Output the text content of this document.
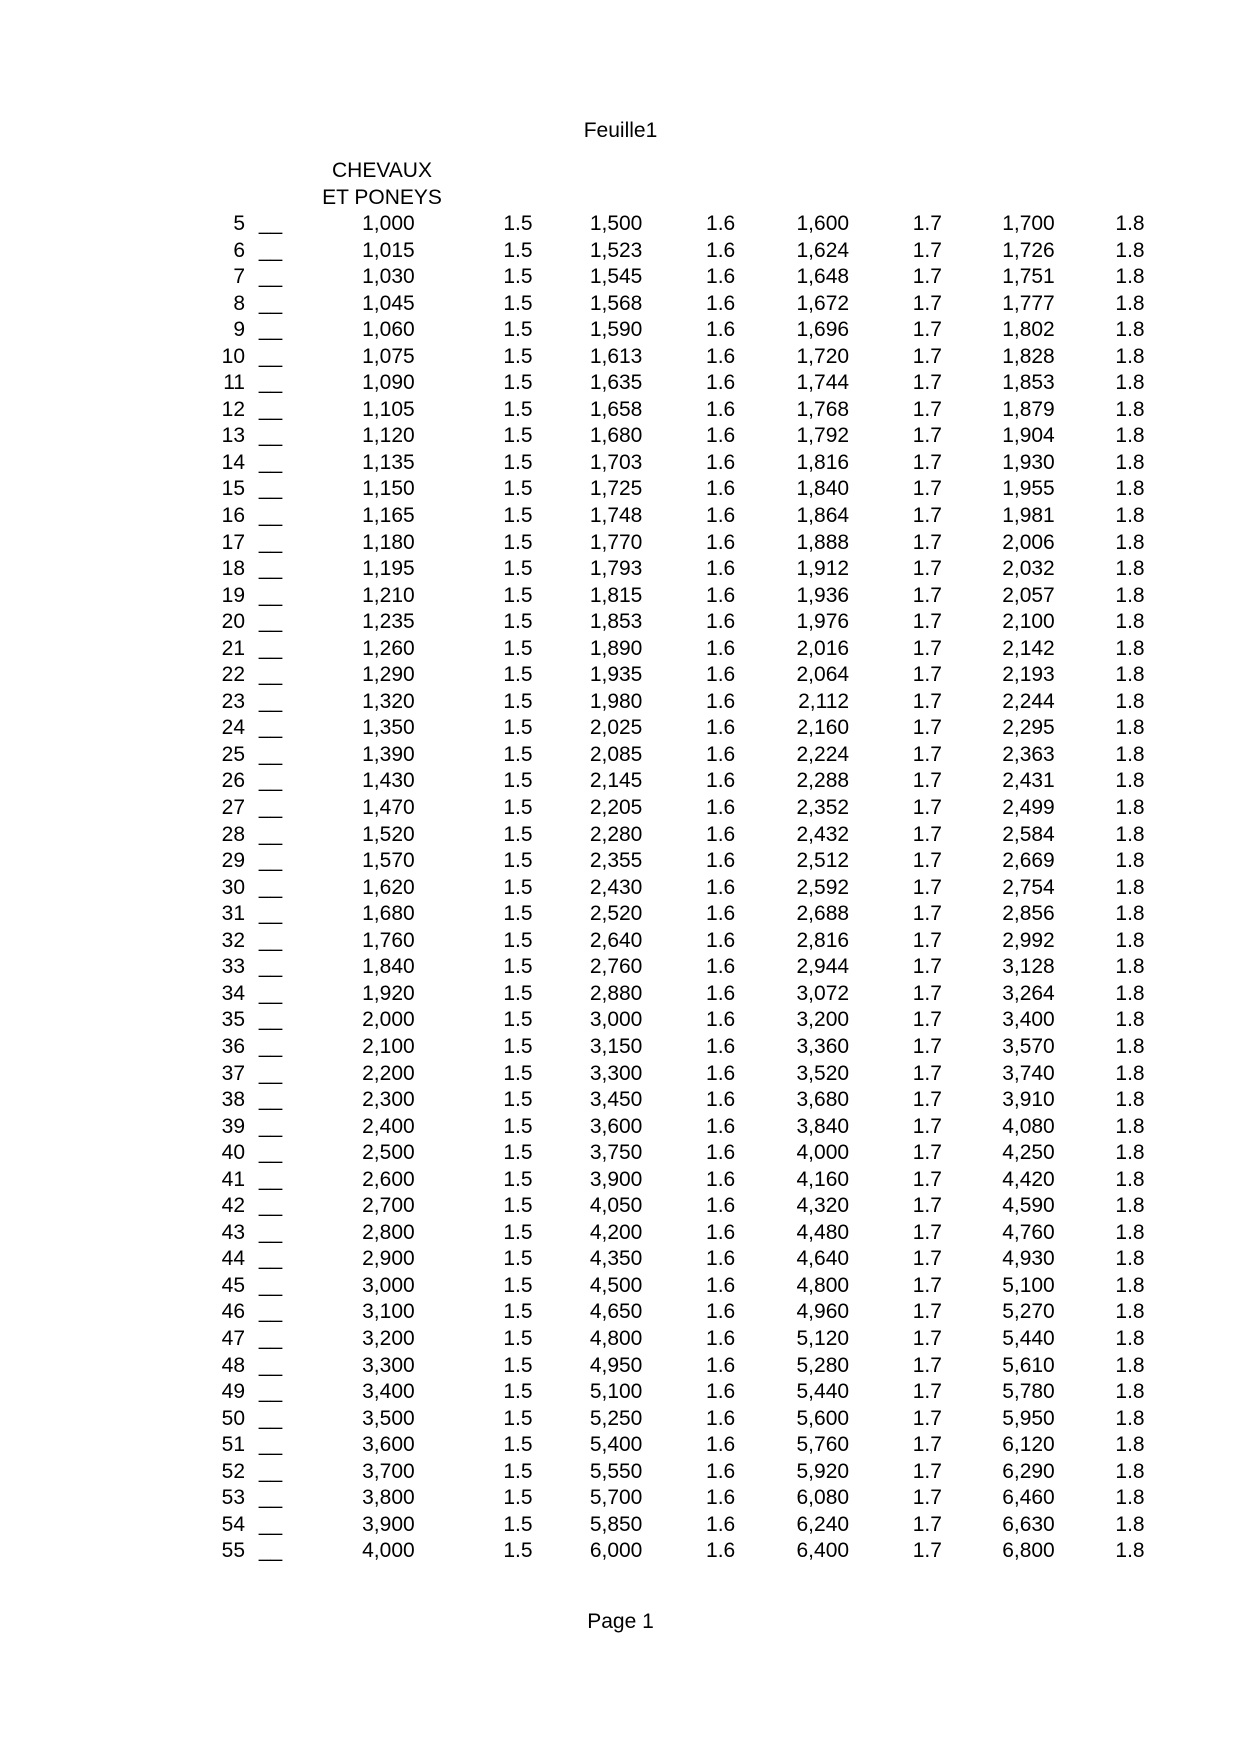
Feuille1
CHEVAUX
ET PONEYS
5 __	1,000	1.5	1,500	1.6	1,600	1.7	1,700	1.8
6 __	1,015	1.5	1,523	1.6	1,624	1.7	1,726	1.8
7 __	1,030	1.5	1,545	1.6	1,648	1.7	1,751	1.8
8 __	1,045	1.5	1,568	1.6	1,672	1.7	1,777	1.8
9 __	1,060	1.5	1,590	1.6	1,696	1.7	1,802	1.8
10 __	1,075	1.5	1,613	1.6	1,720	1.7	1,828	1.8
11 __	1,090	1.5	1,635	1.6	1,744	1.7	1,853	1.8
12 __	1,105	1.5	1,658	1.6	1,768	1.7	1,879	1.8
13 __	1,120	1.5	1,680	1.6	1,792	1.7	1,904	1.8
14 __	1,135	1.5	1,703	1.6	1,816	1.7	1,930	1.8
15 __	1,150	1.5	1,725	1.6	1,840	1.7	1,955	1.8
16 __	1,165	1.5	1,748	1.6	1,864	1.7	1,981	1.8
17 __	1,180	1.5	1,770	1.6	1,888	1.7	2,006	1.8
18 __	1,195	1.5	1,793	1.6	1,912	1.7	2,032	1.8
19 __	1,210	1.5	1,815	1.6	1,936	1.7	2,057	1.8
20 __	1,235	1.5	1,853	1.6	1,976	1.7	2,100	1.8
21 __	1,260	1.5	1,890	1.6	2,016	1.7	2,142	1.8
22 __	1,290	1.5	1,935	1.6	2,064	1.7	2,193	1.8
23 __	1,320	1.5	1,980	1.6	2,112	1.7	2,244	1.8
24 __	1,350	1.5	2,025	1.6	2,160	1.7	2,295	1.8
25 __	1,390	1.5	2,085	1.6	2,224	1.7	2,363	1.8
26 __	1,430	1.5	2,145	1.6	2,288	1.7	2,431	1.8
27 __	1,470	1.5	2,205	1.6	2,352	1.7	2,499	1.8
28 __	1,520	1.5	2,280	1.6	2,432	1.7	2,584	1.8
29 __	1,570	1.5	2,355	1.6	2,512	1.7	2,669	1.8
30 __	1,620	1.5	2,430	1.6	2,592	1.7	2,754	1.8
31 __	1,680	1.5	2,520	1.6	2,688	1.7	2,856	1.8
32 __	1,760	1.5	2,640	1.6	2,816	1.7	2,992	1.8
33 __	1,840	1.5	2,760	1.6	2,944	1.7	3,128	1.8
34 __	1,920	1.5	2,880	1.6	3,072	1.7	3,264	1.8
35 __	2,000	1.5	3,000	1.6	3,200	1.7	3,400	1.8
36 __	2,100	1.5	3,150	1.6	3,360	1.7	3,570	1.8
37 __	2,200	1.5	3,300	1.6	3,520	1.7	3,740	1.8
38 __	2,300	1.5	3,450	1.6	3,680	1.7	3,910	1.8
39 __	2,400	1.5	3,600	1.6	3,840	1.7	4,080	1.8
40 __	2,500	1.5	3,750	1.6	4,000	1.7	4,250	1.8
41 __	2,600	1.5	3,900	1.6	4,160	1.7	4,420	1.8
42 __	2,700	1.5	4,050	1.6	4,320	1.7	4,590	1.8
43 __	2,800	1.5	4,200	1.6	4,480	1.7	4,760	1.8
44 __	2,900	1.5	4,350	1.6	4,640	1.7	4,930	1.8
45 __	3,000	1.5	4,500	1.6	4,800	1.7	5,100	1.8
46 __	3,100	1.5	4,650	1.6	4,960	1.7	5,270	1.8
47 __	3,200	1.5	4,800	1.6	5,120	1.7	5,440	1.8
48 __	3,300	1.5	4,950	1.6	5,280	1.7	5,610	1.8
49 __	3,400	1.5	5,100	1.6	5,440	1.7	5,780	1.8
50 __	3,500	1.5	5,250	1.6	5,600	1.7	5,950	1.8
51 __	3,600	1.5	5,400	1.6	5,760	1.7	6,120	1.8
52 __	3,700	1.5	5,550	1.6	5,920	1.7	6,290	1.8
53 __	3,800	1.5	5,700	1.6	6,080	1.7	6,460	1.8
54 __	3,900	1.5	5,850	1.6	6,240	1.7	6,630	1.8
55 __	4,000	1.5	6,000	1.6	6,400	1.7	6,800	1.8
Page 1
